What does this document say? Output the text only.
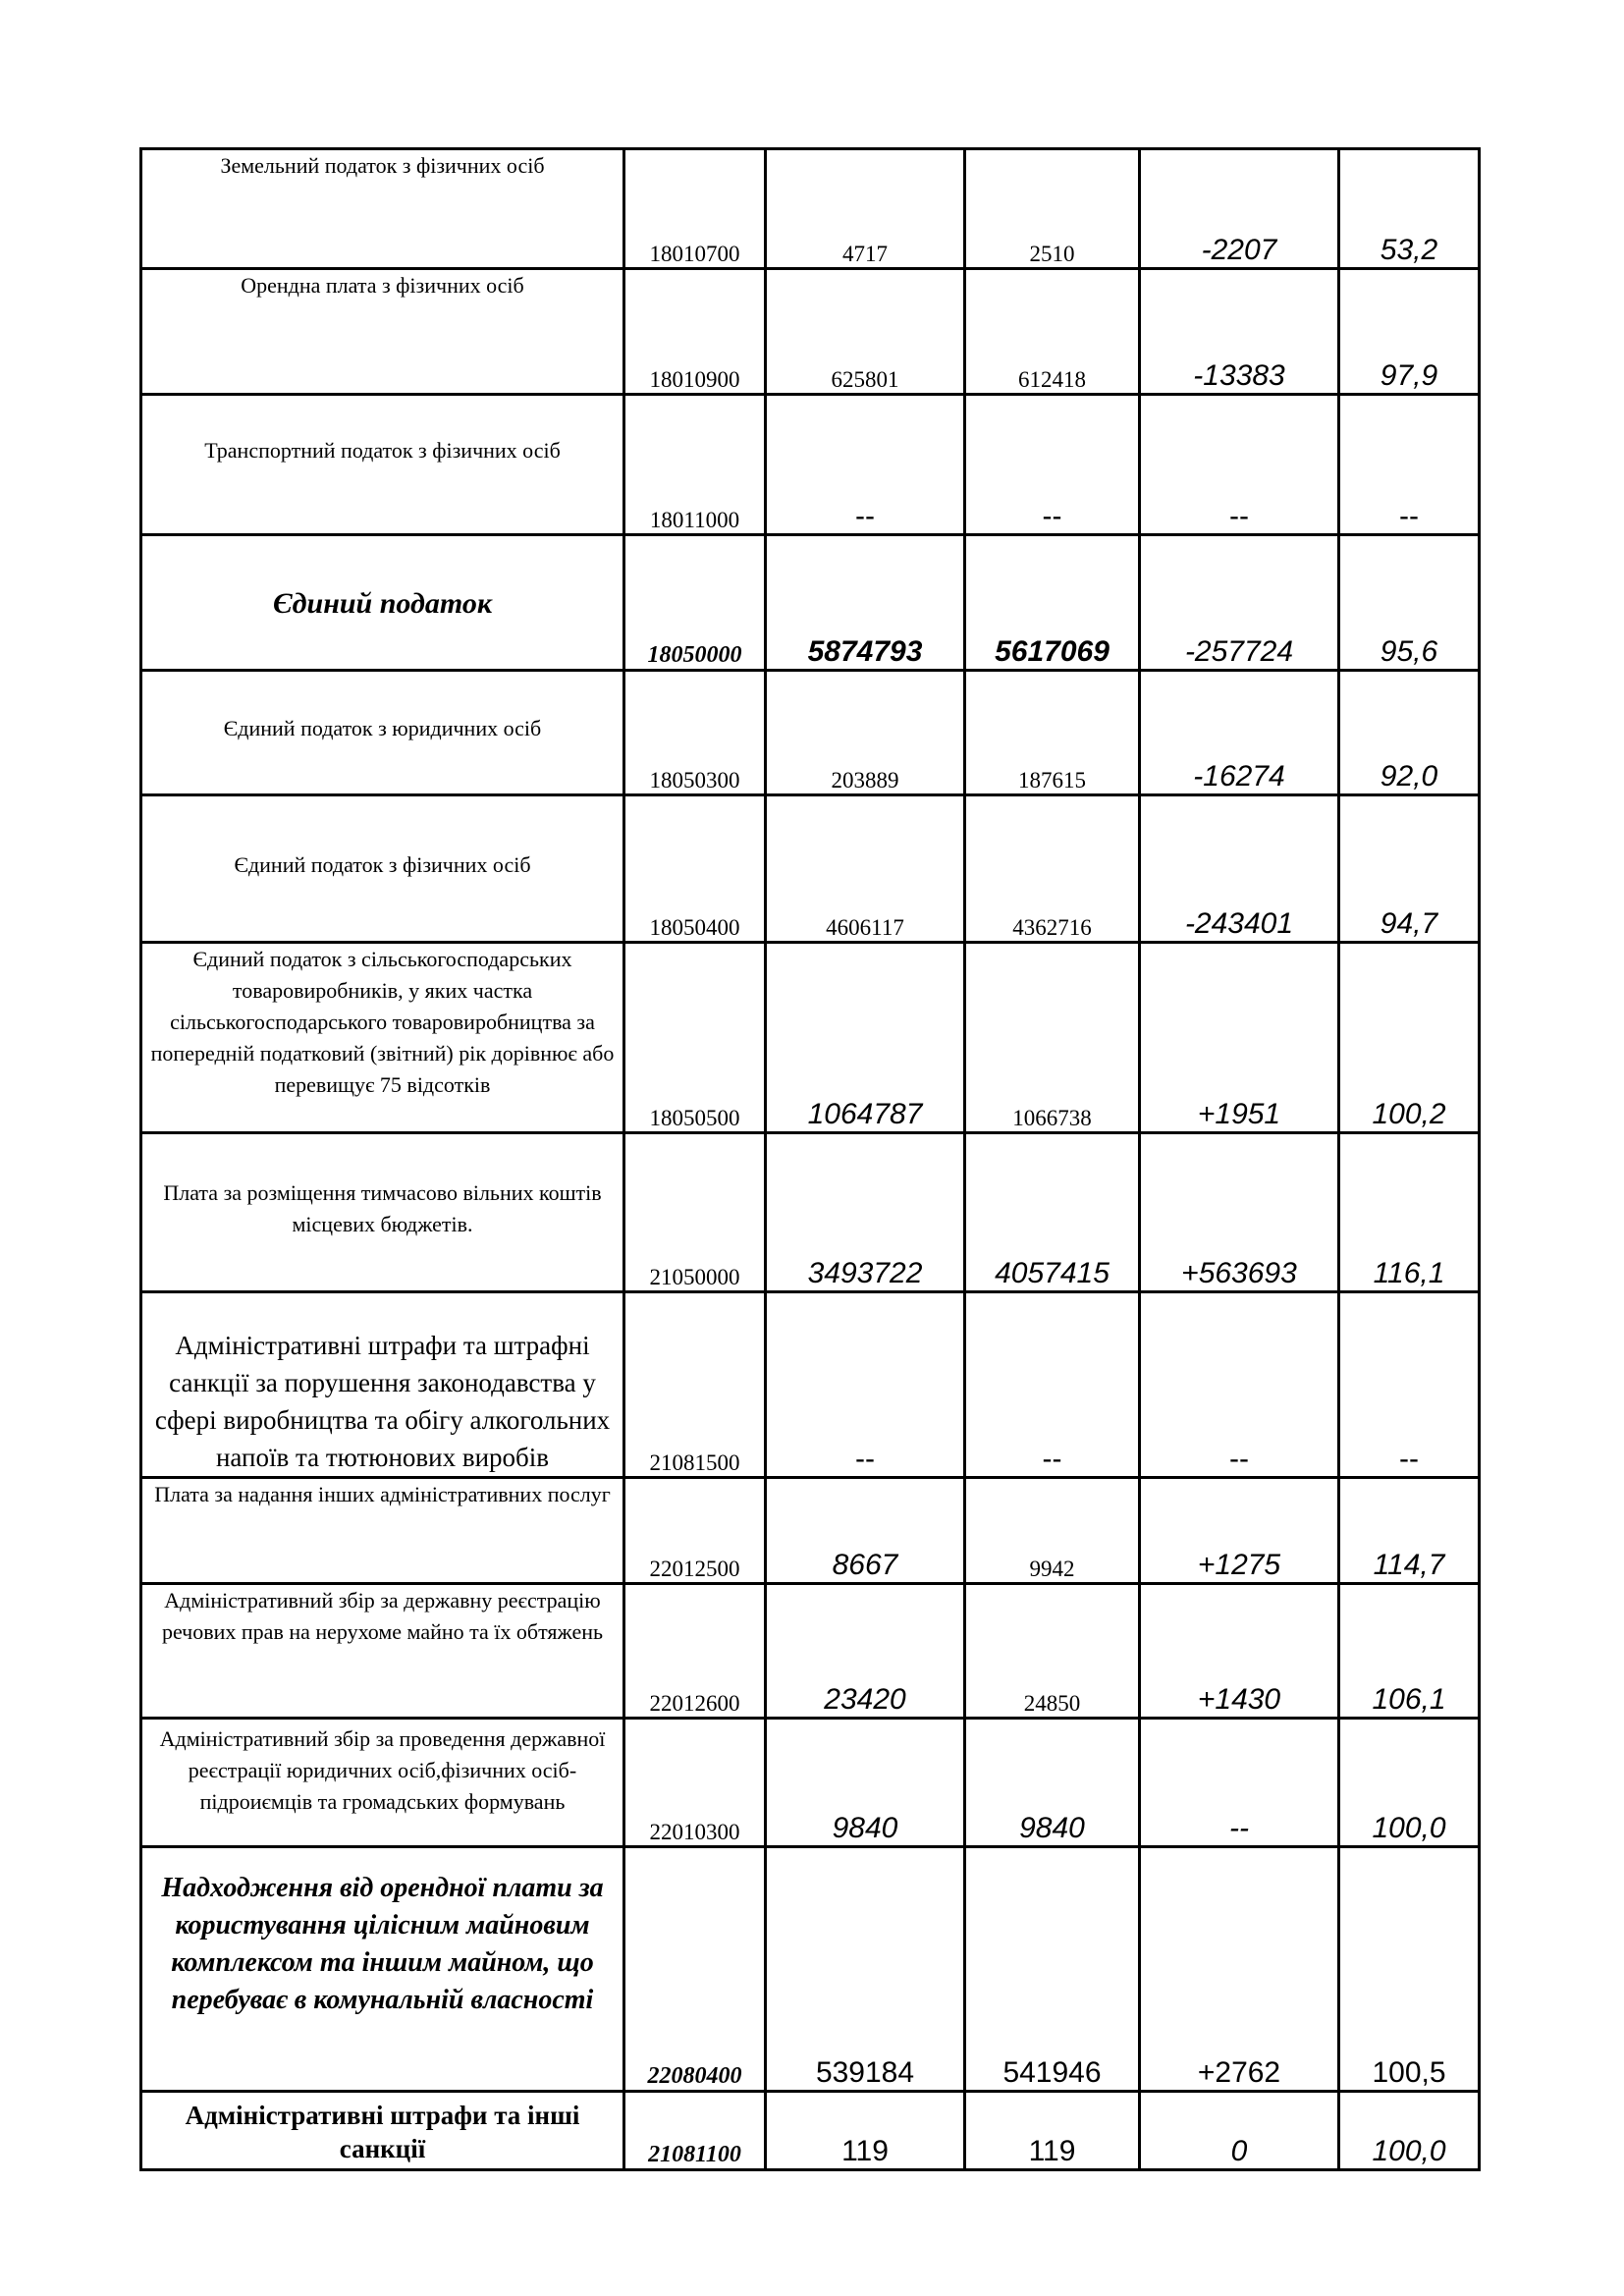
Земельний податок з фізичних осіб	18010700	4717	2510	-2207	53,2
Орендна плата з фізичних осіб	18010900	625801	612418	-13383	97,9
Транспортний податок з фізичних осіб	18011000	--	--	--	--
Єдиний податок	18050000	5874793	5617069	-257724	95,6
Єдиний податок з юридичних осіб	18050300	203889	187615	-16274	92,0
Єдиний податок з фізичних осіб	18050400	4606117	4362716	-243401	94,7
Єдиний податок з сільськогосподарських товаровиробників, у яких частка сільськогосподарського товаровиробництва за попередній податковий (звітний) рік дорівнює або перевищує 75 відсотків	18050500	1064787	1066738	+1951	100,2
Плата за розміщення тимчасово вільних коштів місцевих бюджетів.	21050000	3493722	4057415	+563693	116,1
Адміністративні штрафи та штрафні санкції за порушення законодавства у сфері виробництва та обігу алкогольних напоїв та тютюнових виробів	21081500	--	--	--	--
Плата за надання інших адміністративних послуг	22012500	8667	9942	+1275	114,7
Адміністративний збір за державну реєстрацію речових прав на нерухоме майно та їх обтяжень	22012600	23420	24850	+1430	106,1
Адміністративний збір за проведення державної реєстрації юридичних осіб,фізичних осіб- підроиємців та громадських формувань	22010300	9840	9840	--	100,0
Надходження від орендної плати за користування цілісним майновим комплексом та іншим майном, що перебуває в комунальній власності	22080400	539184	541946	+2762	100,5
Адміністративні штрафи та інші санкції	21081100	119	119	0	100,0
